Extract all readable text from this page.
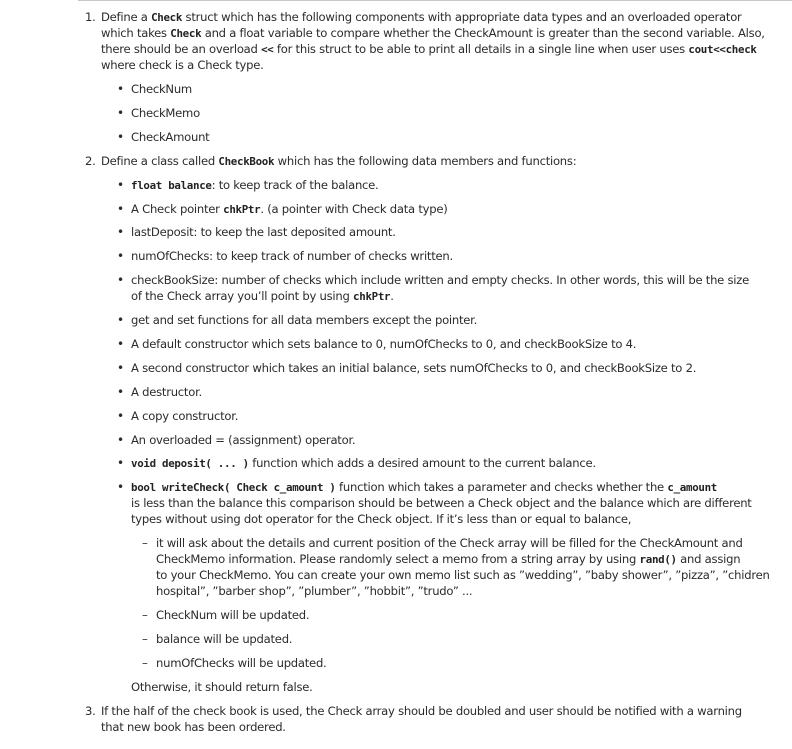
1. Define a Check struct which has the following components with appropriate data types and an overloaded operator

which takes Check and a float variable to compare whether the CheckAmount is greater than the second variable. Also,

there should be an overload << for this struct to be able to print all details in a single line when user uses cout<<check

where check is a Check type.

• CheckNum

• CheckMemo

• CheckAmount

2. Define a class called CheckBook which has the following data members and functions:

• float balance: to keep track of the balance.

• A Check pointer chkPtr. (a pointer with Check data type)

• lastDeposit: to keep the last deposited amount.

• numOfChecks: to keep track of number of checks written.

• checkBookSize: number of checks which include written and empty checks. In other words, this will be the size

of the Check array you’ll point by using chkPtr.

• get and set functions for all data members except the pointer.

• A default constructor which sets balance to 0, numOfChecks to 0, and checkBookSize to 4.

• A second constructor which takes an initial balance, sets numOfChecks to 0, and checkBookSize to 2.

• A destructor.

• A copy constructor.

• An overloaded = (assignment) operator.

• void deposit( ... ) function which adds a desired amount to the current balance.

• bool writeCheck( Check c_amount ) function which takes a parameter and checks whether the c_amount

is less than the balance this comparison should be between a Check object and the balance which are different

types without using dot operator for the Check object. If it’s less than or equal to balance,

– it will ask about the details and current position of the Check array will be filled for the CheckAmount and

CheckMemo information. Please randomly select a memo from a string array by using rand() and assign

to your CheckMemo. You can create your own memo list such as ”wedding”, ”baby shower”, ”pizza”, ”chidren

hospital”, ”barber shop”, ”plumber”, ”hobbit”, ”trudo” ...

– CheckNum will be updated.

– balance will be updated.

– numOfChecks will be updated.

Otherwise, it should return false.

3. If the half of the check book is used, the Check array should be doubled and user should be notified with a warning

that new book has been ordered.
